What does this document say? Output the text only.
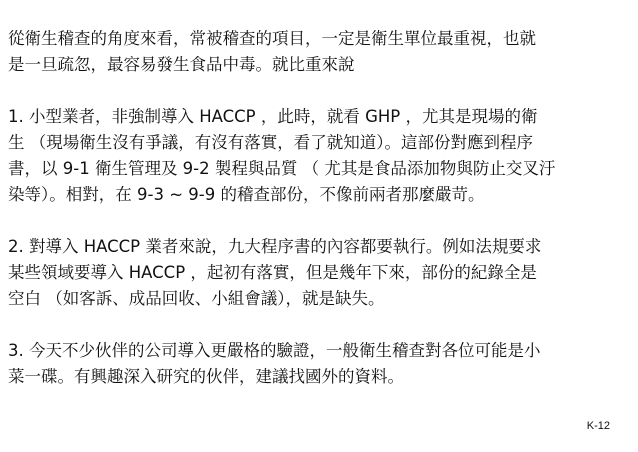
從衛生稽查的角度來看，常被稽查的項目，一定是衛生單位最重視，也就
是一旦疏忽，最容易發生食品中毒。就比重來說
1. 小型業者，非強制導入 HACCP ，此時，就看 GHP ，尤其是現場的衛
生 （現場衛生沒有爭議，有沒有落實，看了就知道）。這部份對應到程序
書，以 9-1 衛生管理及 9-2 製程與品質 （ 尤其是食品添加物與防止交叉汙
染等）。相對，在 9-3 ~ 9-9 的稽查部份，不像前兩者那麼嚴苛。
2. 對導入 HACCP 業者來說，九大程序書的內容都要執行。例如法規要求
某些領域要導入 HACCP ，起初有落實，但是幾年下來，部份的紀錄全是
空白 （如客訴、成品回收、小組會議），就是缺失。
3. 今天不少伙伴的公司導入更嚴格的驗證，一般衛生稽查對各位可能是小
菜一碟。有興趣深入研究的伙伴，建議找國外的資料。
K-12
